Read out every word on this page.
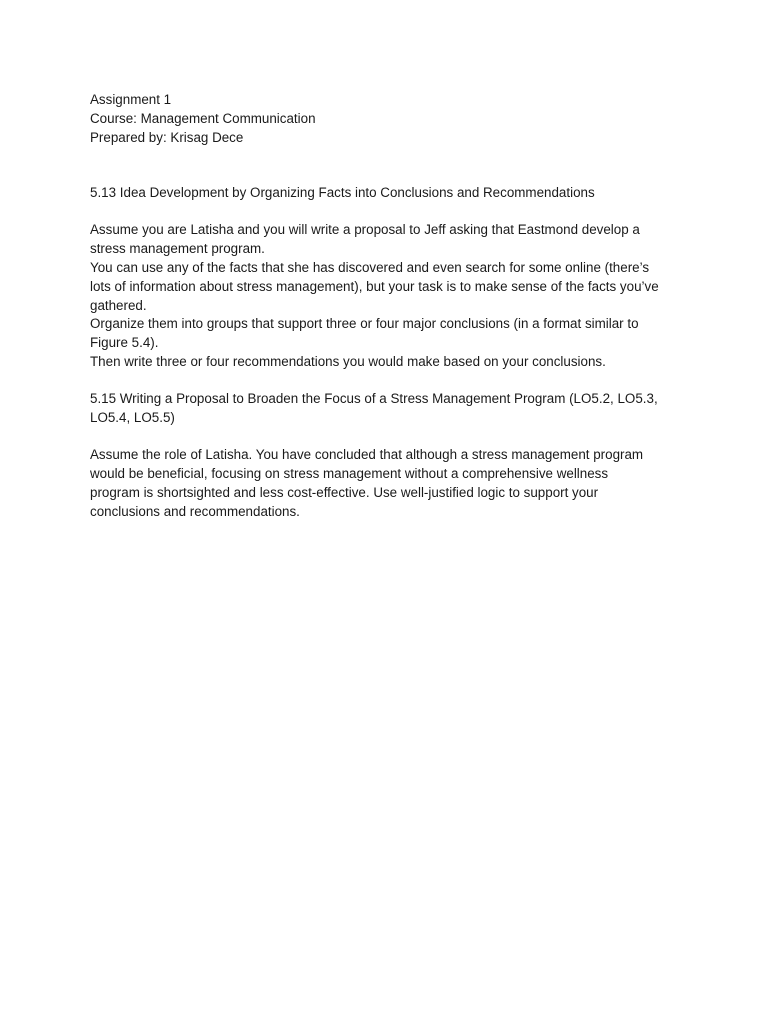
Assignment 1
Course: Management Communication
Prepared by: Krisag Dece
5.13 Idea Development by Organizing Facts into Conclusions and Recommendations
Assume you are Latisha and you will write a proposal to Jeff asking that Eastmond develop a
stress management program.
You can use any of the facts that she has discovered and even search for some online (there’s
lots of information about stress management), but your task is to make sense of the facts you’ve
gathered.
Organize them into groups that support three or four major conclusions (in a format similar to
Figure 5.4).
Then write three or four recommendations you would make based on your conclusions.
5.15 Writing a Proposal to Broaden the Focus of a Stress Management Program (LO5.2, LO5.3,
LO5.4, LO5.5)
Assume the role of Latisha. You have concluded that although a stress management program
would be beneficial, focusing on stress management without a comprehensive wellness
program is shortsighted and less cost-effective. Use well-justified logic to support your
conclusions and recommendations.
